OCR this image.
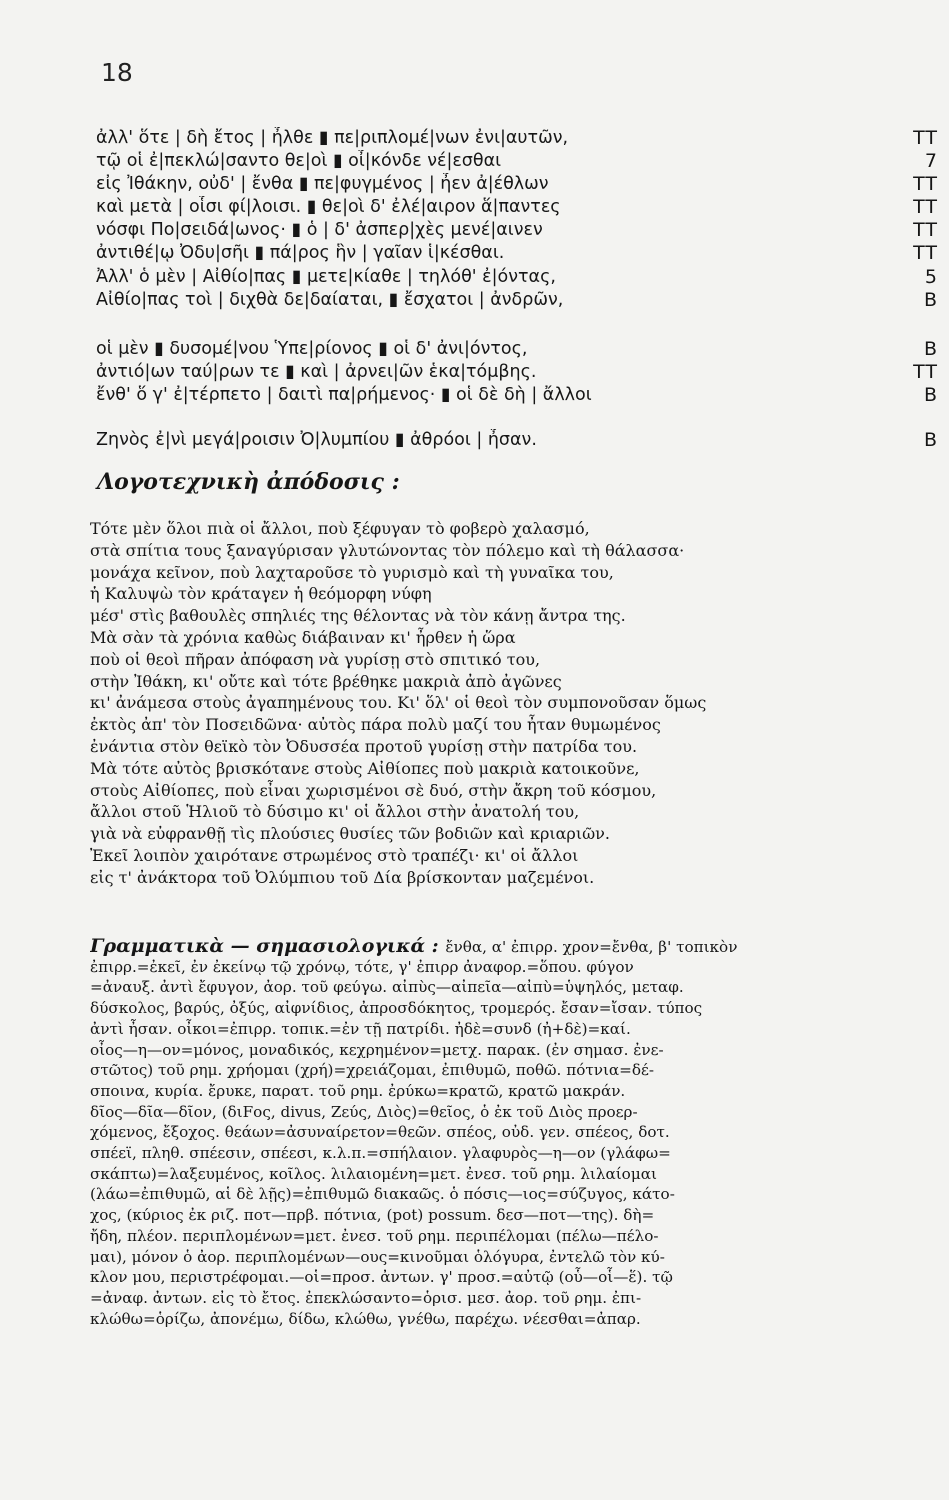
18
ἀλλ' ὅτε | δὴ ἔτος | ἦλθε ▮ πε|ριπλομέ|νων ἐνι|αυτῶν,	TT
τῷ οἱ ἐ|πεκλώ|σαντο θε|οὶ ▮ οἶ|κόνδε νέ|εσθαι	7
εἰς Ἰθάκην, οὐδ' | ἔνθα ▮ πε|φυγμένος | ἦεν ἀ|έθλων	TT
καὶ μετὰ | οἷσι φί|λοισι. ▮ θε|οὶ δ' ἐλέ|αιρον ἅ|παντες	TT
νόσφι Πο|σειδά|ωνος· ▮ ὁ | δ' ἀσπερ|χὲς μενέ|αινεν	TT
ἀντιθέ|ῳ Ὀδυ|σῆι ▮ πά|ρος ἣν | γαῖαν ἱ|κέσθαι.	TT
Ἀλλ' ὁ μὲν | Αἰθίο|πας ▮ μετε|κίαθε | τηλόθ' ἐ|όντας,	5
Αἰθίο|πας τοὶ | διχθὰ δε|δαίαται, ▮ ἔσχατοι | ἀνδρῶν,	B
οἱ μὲν ▮ δυσομέ|νου Ὑπε|ρίονος ▮ οἱ δ' ἀνι|όντος,	B
ἀντιό|ων ταύ|ρων τε ▮ καὶ | ἀρνει|ῶν ἑκα|τόμβης.	TT
ἔνθ' ὅ γ' ἐ|τέρπετο | δαιτὶ πα|ρήμενος· ▮ οἱ δὲ δὴ | ἄλλοι	B
Ζηνὸς ἐ|νὶ μεγά|ροισιν Ὀ|λυμπίου ▮ ἀθρόοι | ἦσαν.	B
Λογοτεχνικὴ ἀπόδοσις :
Τότε μὲν ὅλοι πιὰ οἱ ἄλλοι, ποὺ ξέφυγαν τὸ φοβερὸ χαλασμό,
στὰ σπίτια τους ξαναγύρισαν γλυτώνοντας τὸν πόλεμο καὶ τὴ θάλασσα·
μονάχα κεῖνον, ποὺ λαχταροῦσε τὸ γυρισμὸ καὶ τὴ γυναῖκα του,
ἡ Καλυψὼ τὸν κράταγεν ἡ θεόμορφη νύφη
μέσ' στὶς βαθουλὲς σπηλιές της θέλοντας νὰ τὸν κάνῃ ἄντρα της.
Μὰ σὰν τὰ χρόνια καθὼς διάβαιναν κι' ἦρθεν ἡ ὥρα
ποὺ οἱ θεοὶ πῆραν ἀπόφαση νὰ γυρίσῃ στὸ σπιτικό του,
στὴν Ἰθάκη, κι' οὔτε καὶ τότε βρέθηκε μακριὰ ἀπὸ ἀγῶνες
κι' ἀνάμεσα στοὺς ἀγαπημένους του. Κι' ὅλ' οἱ θεοὶ τὸν συμπονοῦσαν ὅμως
ἐκτὸς ἀπ' τὸν Ποσειδῶνα· αὐτὸς πάρα πολὺ μαζί του ἦταν θυμωμένος
ἐνάντια στὸν θεϊκὸ τὸν Ὀδυσσέα προτοῦ γυρίσῃ στὴν πατρίδα του.
Μὰ τότε αὐτὸς βρισκότανε στοὺς Αἰθίοπες ποὺ μακριὰ κατοικοῦνε,
στοὺς Αἰθίοπες, ποὺ εἶναι χωρισμένοι σὲ δυό, στὴν ἄκρη τοῦ κόσμου,
ἄλλοι στοῦ Ἡλιοῦ τὸ δύσιμο κι' οἱ ἄλλοι στὴν ἀνατολή του,
γιὰ νὰ εὐφρανθῇ τὶς πλούσιες θυσίες τῶν βοδιῶν καὶ κριαριῶν.
Ἐκεῖ λοιπὸν χαιρότανε στρωμένος στὸ τραπέζι· κι' οἱ ἄλλοι
εἰς τ' ἀνάκτορα τοῦ Ὀλύμπιου τοῦ Δία βρίσκονταν μαζεμένοι.
Γραμματικὰ — σημασιολογικά : ἔνθα, α' ἐπιρρ. χρον=ἔνθα, β' τοπικὸν
ἐπιρρ.=ἐκεῖ, ἐν ἐκείνῳ τῷ χρόνῳ, τότε, γ' ἐπιρρ ἀναφορ.=ὅπου. φύγον
=ἀναυξ. ἀντὶ ἔφυγον, ἀορ. τοῦ φεύγω. αἰπὺς—αἰπεῖα—αἰπὺ=ὑψηλός, μεταφ.
δύσκολος, βαρύς, ὀξύς, αἰφνίδιος, ἀπροσδόκητος, τρομερός. ἔσαν=ἴσαν. τύπος
ἀντὶ ἦσαν. οἶκοι=ἐπιρρ. τοπικ.=ἐν τῇ πατρίδι. ἠδὲ=συνδ (ἠ+δὲ)=καί.
οἶος—η—ον=μόνος, μοναδικός, κεχρημένον=μετχ. παρακ. (ἐν σημασ. ἐνε-
στῶτος) τοῦ ρημ. χρήομαι (χρή)=χρειάζομαι, ἐπιθυμῶ, ποθῶ. πότνια=δέ-
σποινα, κυρία. ἔρυκε, παρατ. τοῦ ρημ. ἐρύκω=κρατῶ, κρατῶ μακράν.
δῖος—δῖα—δῖον, (διFος, divus, Ζεύς, Διὸς)=θεῖος, ὁ ἐκ τοῦ Διὸς προερ-
χόμενος, ἔξοχος. θεάων=ἀσυναίρετον=θεῶν. σπέος, οὐδ. γεν. σπέεος, δοτ.
σπέεϊ, πληθ. σπέεσιν, σπέεσι, κ.λ.π.=σπήλαιον. γλαφυρὸς—η—ον (γλάφω=
σκάπτω)=λαξευμένος, κοῖλος. λιλαιομένη=μετ. ἐνεσ. τοῦ ρημ. λιλαίομαι
(λάω=ἐπιθυμῶ, αἱ δὲ λῇς)=ἐπιθυμῶ διακαῶς. ὁ πόσις—ιος=σύζυγος, κάτο-
χος, (κύριος ἐκ ριζ. ποτ—πρβ. πότνια, (pot) possum. δεσ—ποτ—της). δὴ=
ἤδη, πλέον. περιπλομένων=μετ. ἐνεσ. τοῦ ρημ. περιπέλομαι (πέλω—πέλο-
μαι), μόνον ὁ ἀορ. περιπλομένων—ους=κινοῦμαι ὁλόγυρα, ἐντελῶ τὸν κύ-
κλον μου, περιστρέφομαι.—οἱ=προσ. ἀντων. γ' προσ.=αὐτῷ (οὗ—οἷ—ἕ). τῷ
=ἀναφ. ἀντων. εἰς τὸ ἔτος. ἐπεκλώσαντο=ὁρισ. μεσ. ἀορ. τοῦ ρημ. ἐπι-
κλώθω=ὁρίζω, ἀπονέμω, δίδω, κλώθω, γνέθω, παρέχω. νέεσθαι=ἀπαρ.
